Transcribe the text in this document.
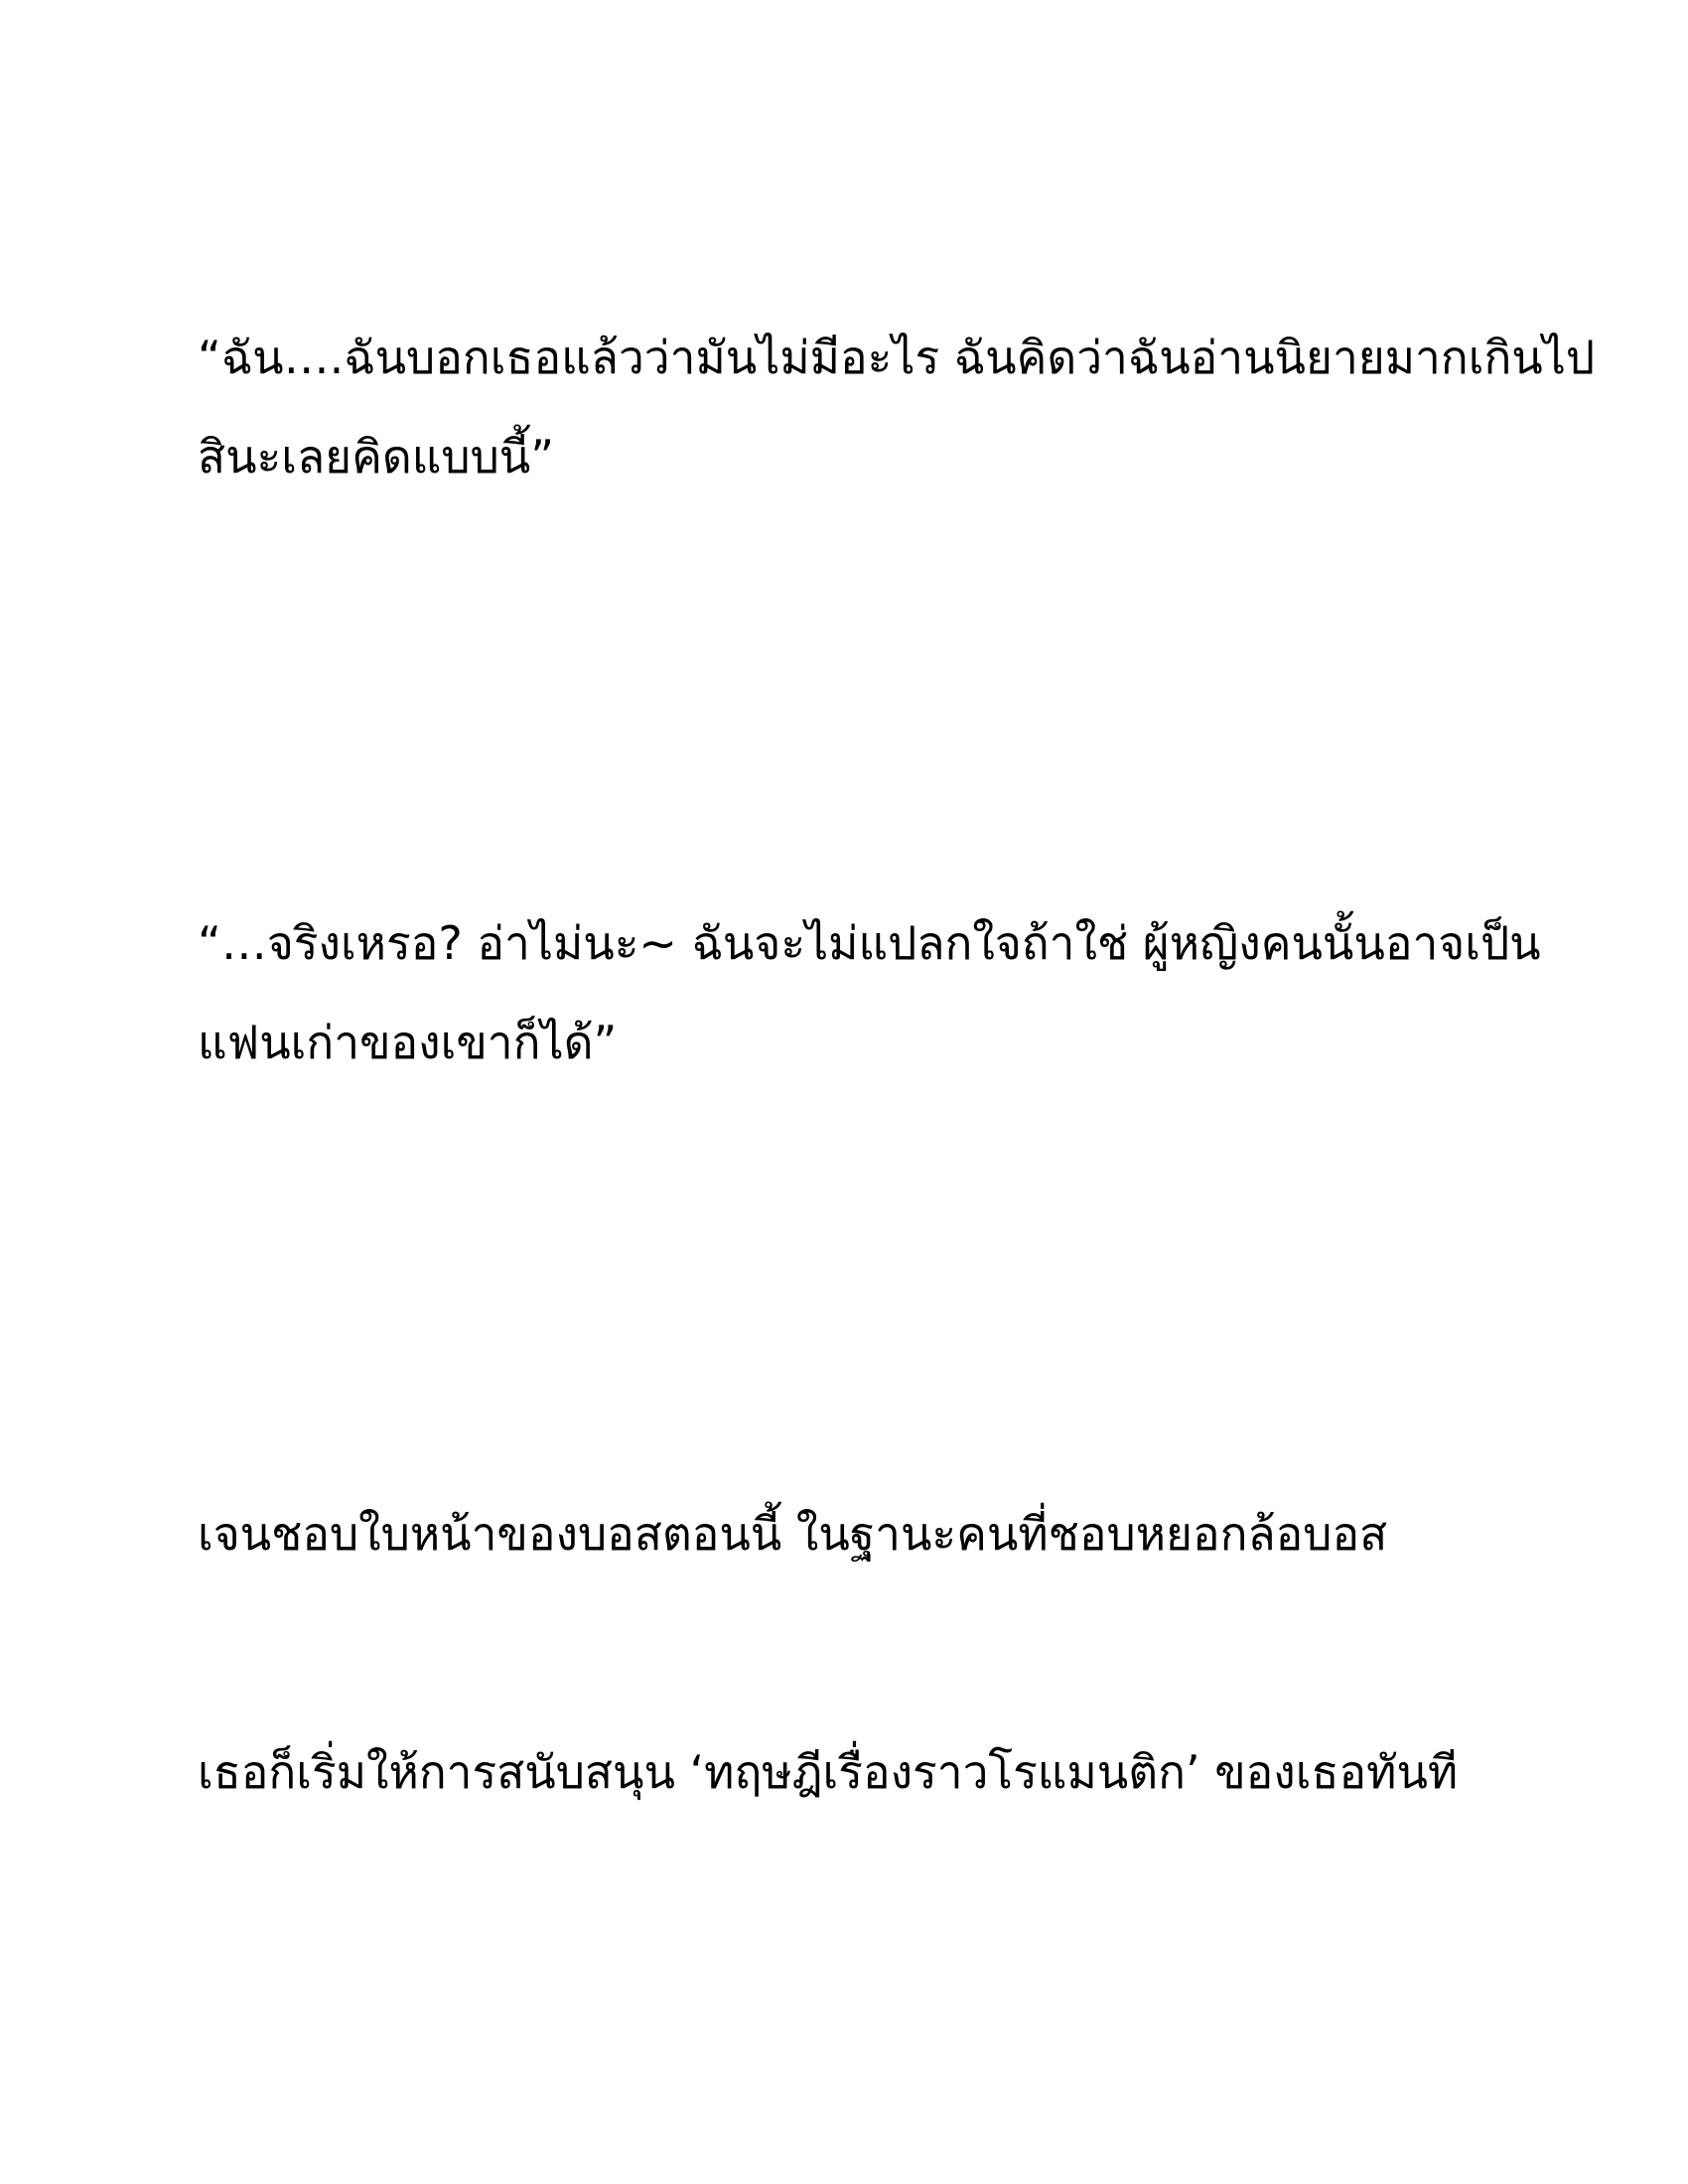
“ฉัน….ฉันบอกเธอแล้วว่ามันไม่มีอะไร ฉันคิดว่าฉันอ่านนิยายมากเกินไป
สินะเลยคิดแบบนี้”
“…จริงเหรอ? อ่าไม่นะ~ ฉันจะไม่แปลกใจถ้าใช่ ผู้หญิงคนนั้นอาจเป็น
แฟนเก่าของเขาก็ได้”
เจนชอบใบหน้าของบอสตอนนี้ ในฐานะคนที่ชอบหยอกล้อบอส
เธอก็เริ่มให้การสนับสนุน ‘ทฤษฎีเรื่องราวโรแมนติก’ ของเธอทันที
